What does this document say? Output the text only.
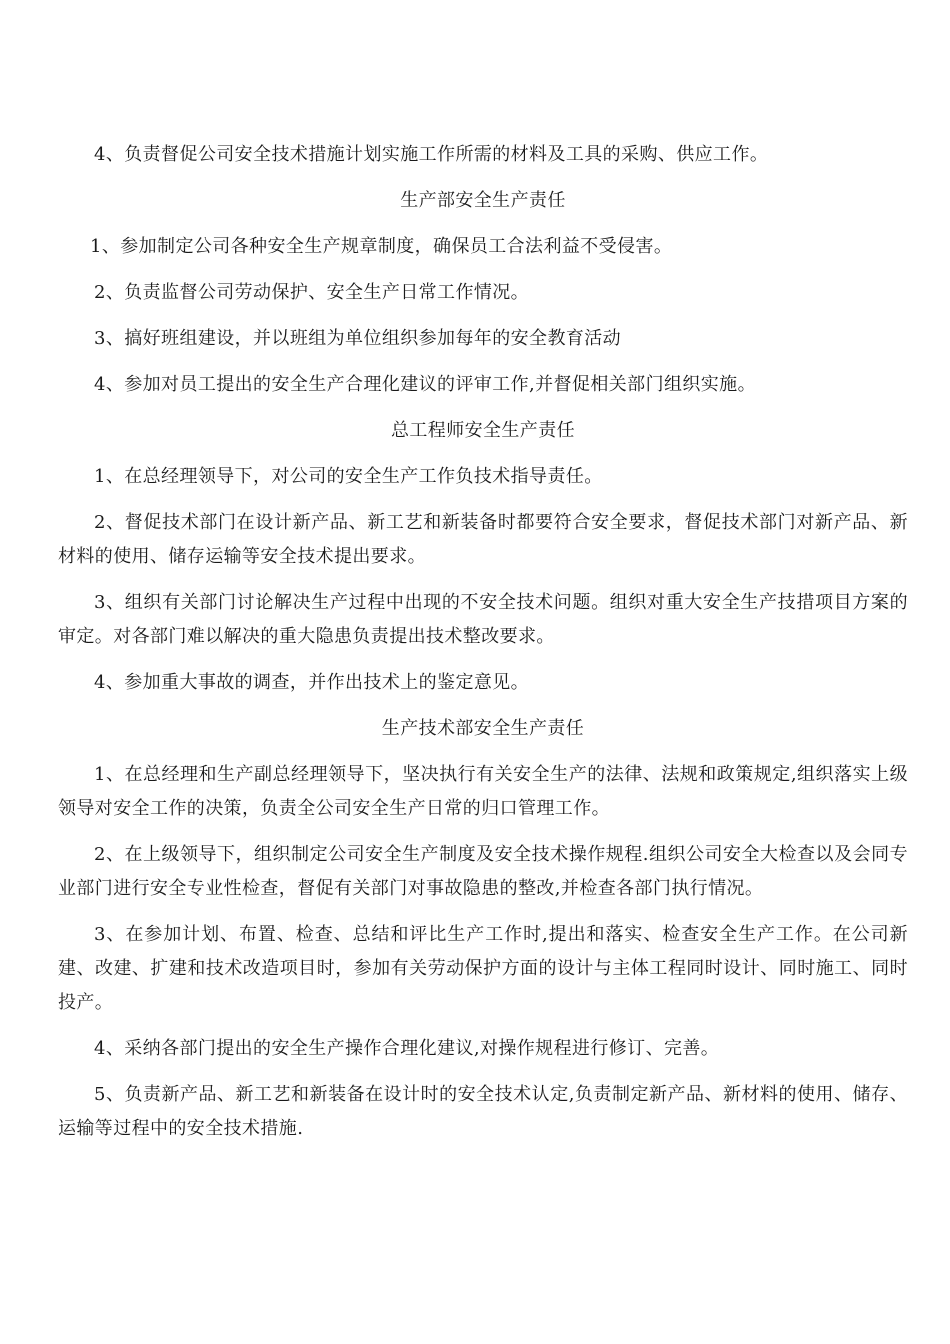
4、负责督促公司安全技术措施计划实施工作所需的材料及工具的采购、供应工作。

生产部安全生产责任

1、参加制定公司各种安全生产规章制度，确保员工合法利益不受侵害。

2、负责监督公司劳动保护、安全生产日常工作情况。

3、搞好班组建设，并以班组为单位组织参加每年的安全教育活动

4、参加对员工提出的安全生产合理化建议的评审工作,并督促相关部门组织实施。

总工程师安全生产责任

1、在总经理领导下，对公司的安全生产工作负技术指导责任。

2、督促技术部门在设计新产品、新工艺和新装备时都要符合安全要求，督促技术部门对新产品、新材料的使用、储存运输等安全技术提出要求。

3、组织有关部门讨论解决生产过程中出现的不安全技术问题。组织对重大安全生产技措项目方案的审定。对各部门难以解决的重大隐患负责提出技术整改要求。

4、参加重大事故的调查，并作出技术上的鉴定意见。

生产技术部安全生产责任

1、在总经理和生产副总经理领导下，坚决执行有关安全生产的法律、法规和政策规定,组织落实上级领导对安全工作的决策，负责全公司安全生产日常的归口管理工作。

2、在上级领导下，组织制定公司安全生产制度及安全技术操作规程.组织公司安全大检查以及会同专业部门进行安全专业性检查，督促有关部门对事故隐患的整改,并检查各部门执行情况。

3、在参加计划、布置、检查、总结和评比生产工作时,提出和落实、检查安全生产工作。在公司新建、改建、扩建和技术改造项目时，参加有关劳动保护方面的设计与主体工程同时设计、同时施工、同时投产。

4、采纳各部门提出的安全生产操作合理化建议,对操作规程进行修订、完善。

5、负责新产品、新工艺和新装备在设计时的安全技术认定,负责制定新产品、新材料的使用、储存、运输等过程中的安全技术措施.
